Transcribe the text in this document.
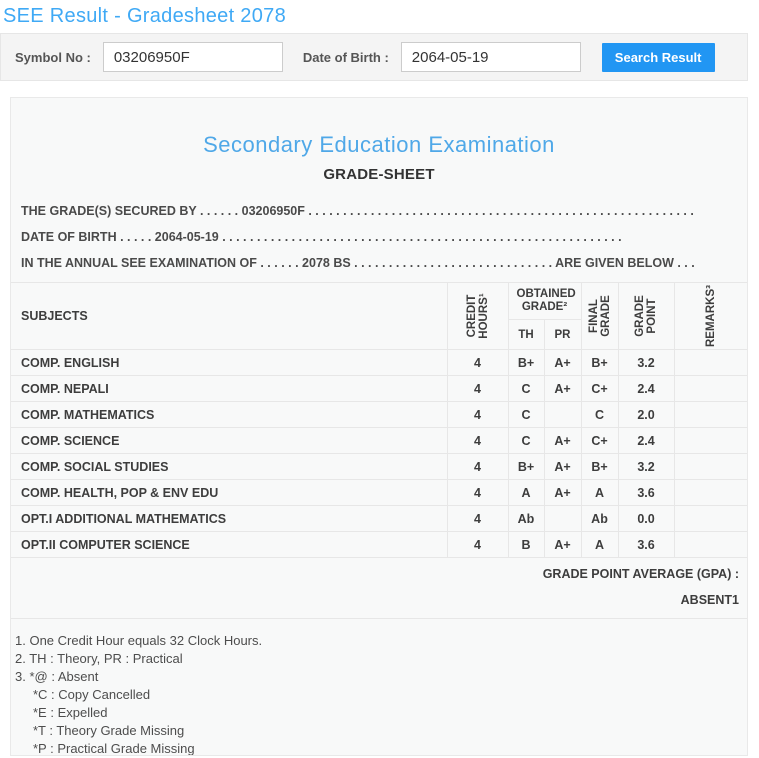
SEE Result - Gradesheet 2078
Symbol No :
03206950F	Date of Birth :
2064-05-19	Search Result
Secondary Education Examination
GRADE-SHEET
THE GRADE(S) SECURED BY . . . . . . 03206950F . . . . . . . . . . . . . . . . . . . . . . . . . . . . . . . . . . . . . . . . . . . . . . . . . . . . . . . .
DATE OF BIRTH . . . . . 2064-05-19 . . . . . . . . . . . . . . . . . . . . . . . . . . . . . . . . . . . . . . . . . . . . . . . . . . . . . . . . . .
IN THE ANNUAL SEE EXAMINATION OF . . . . . . 2078 BS . . . . . . . . . . . . . . . . . . . . . . . . . . . . . ARE GIVEN BELOW . . .
SUBJECTS	CREDIT HOURS¹	OBTAINED GRADE²		FINAL GRADE	GRADE POINT	REMARKS³

		TH	PR			
COMP. ENGLISH	4	B+	A+	B+	3.2	
COMP. NEPALI	4	C	A+	C+	2.4	
COMP. MATHEMATICS	4	C		C	2.0	
COMP. SCIENCE	4	C	A+	C+	2.4	
COMP. SOCIAL STUDIES	4	B+	A+	B+	3.2	
COMP. HEALTH, POP & ENV EDU	4	A	A+	A	3.6	
OPT.I ADDITIONAL MATHEMATICS	4	Ab		Ab	0.0	
OPT.II COMPUTER SCIENCE	4	B	A+	A	3.6	
GRADE POINT AVERAGE (GPA) :
ABSENT1
1. One Credit Hour equals 32 Clock Hours.
2. TH : Theory, PR : Practical
3. *@ : Absent
*C : Copy Cancelled
*E : Expelled
*T : Theory Grade Missing
*P : Practical Grade Missing
